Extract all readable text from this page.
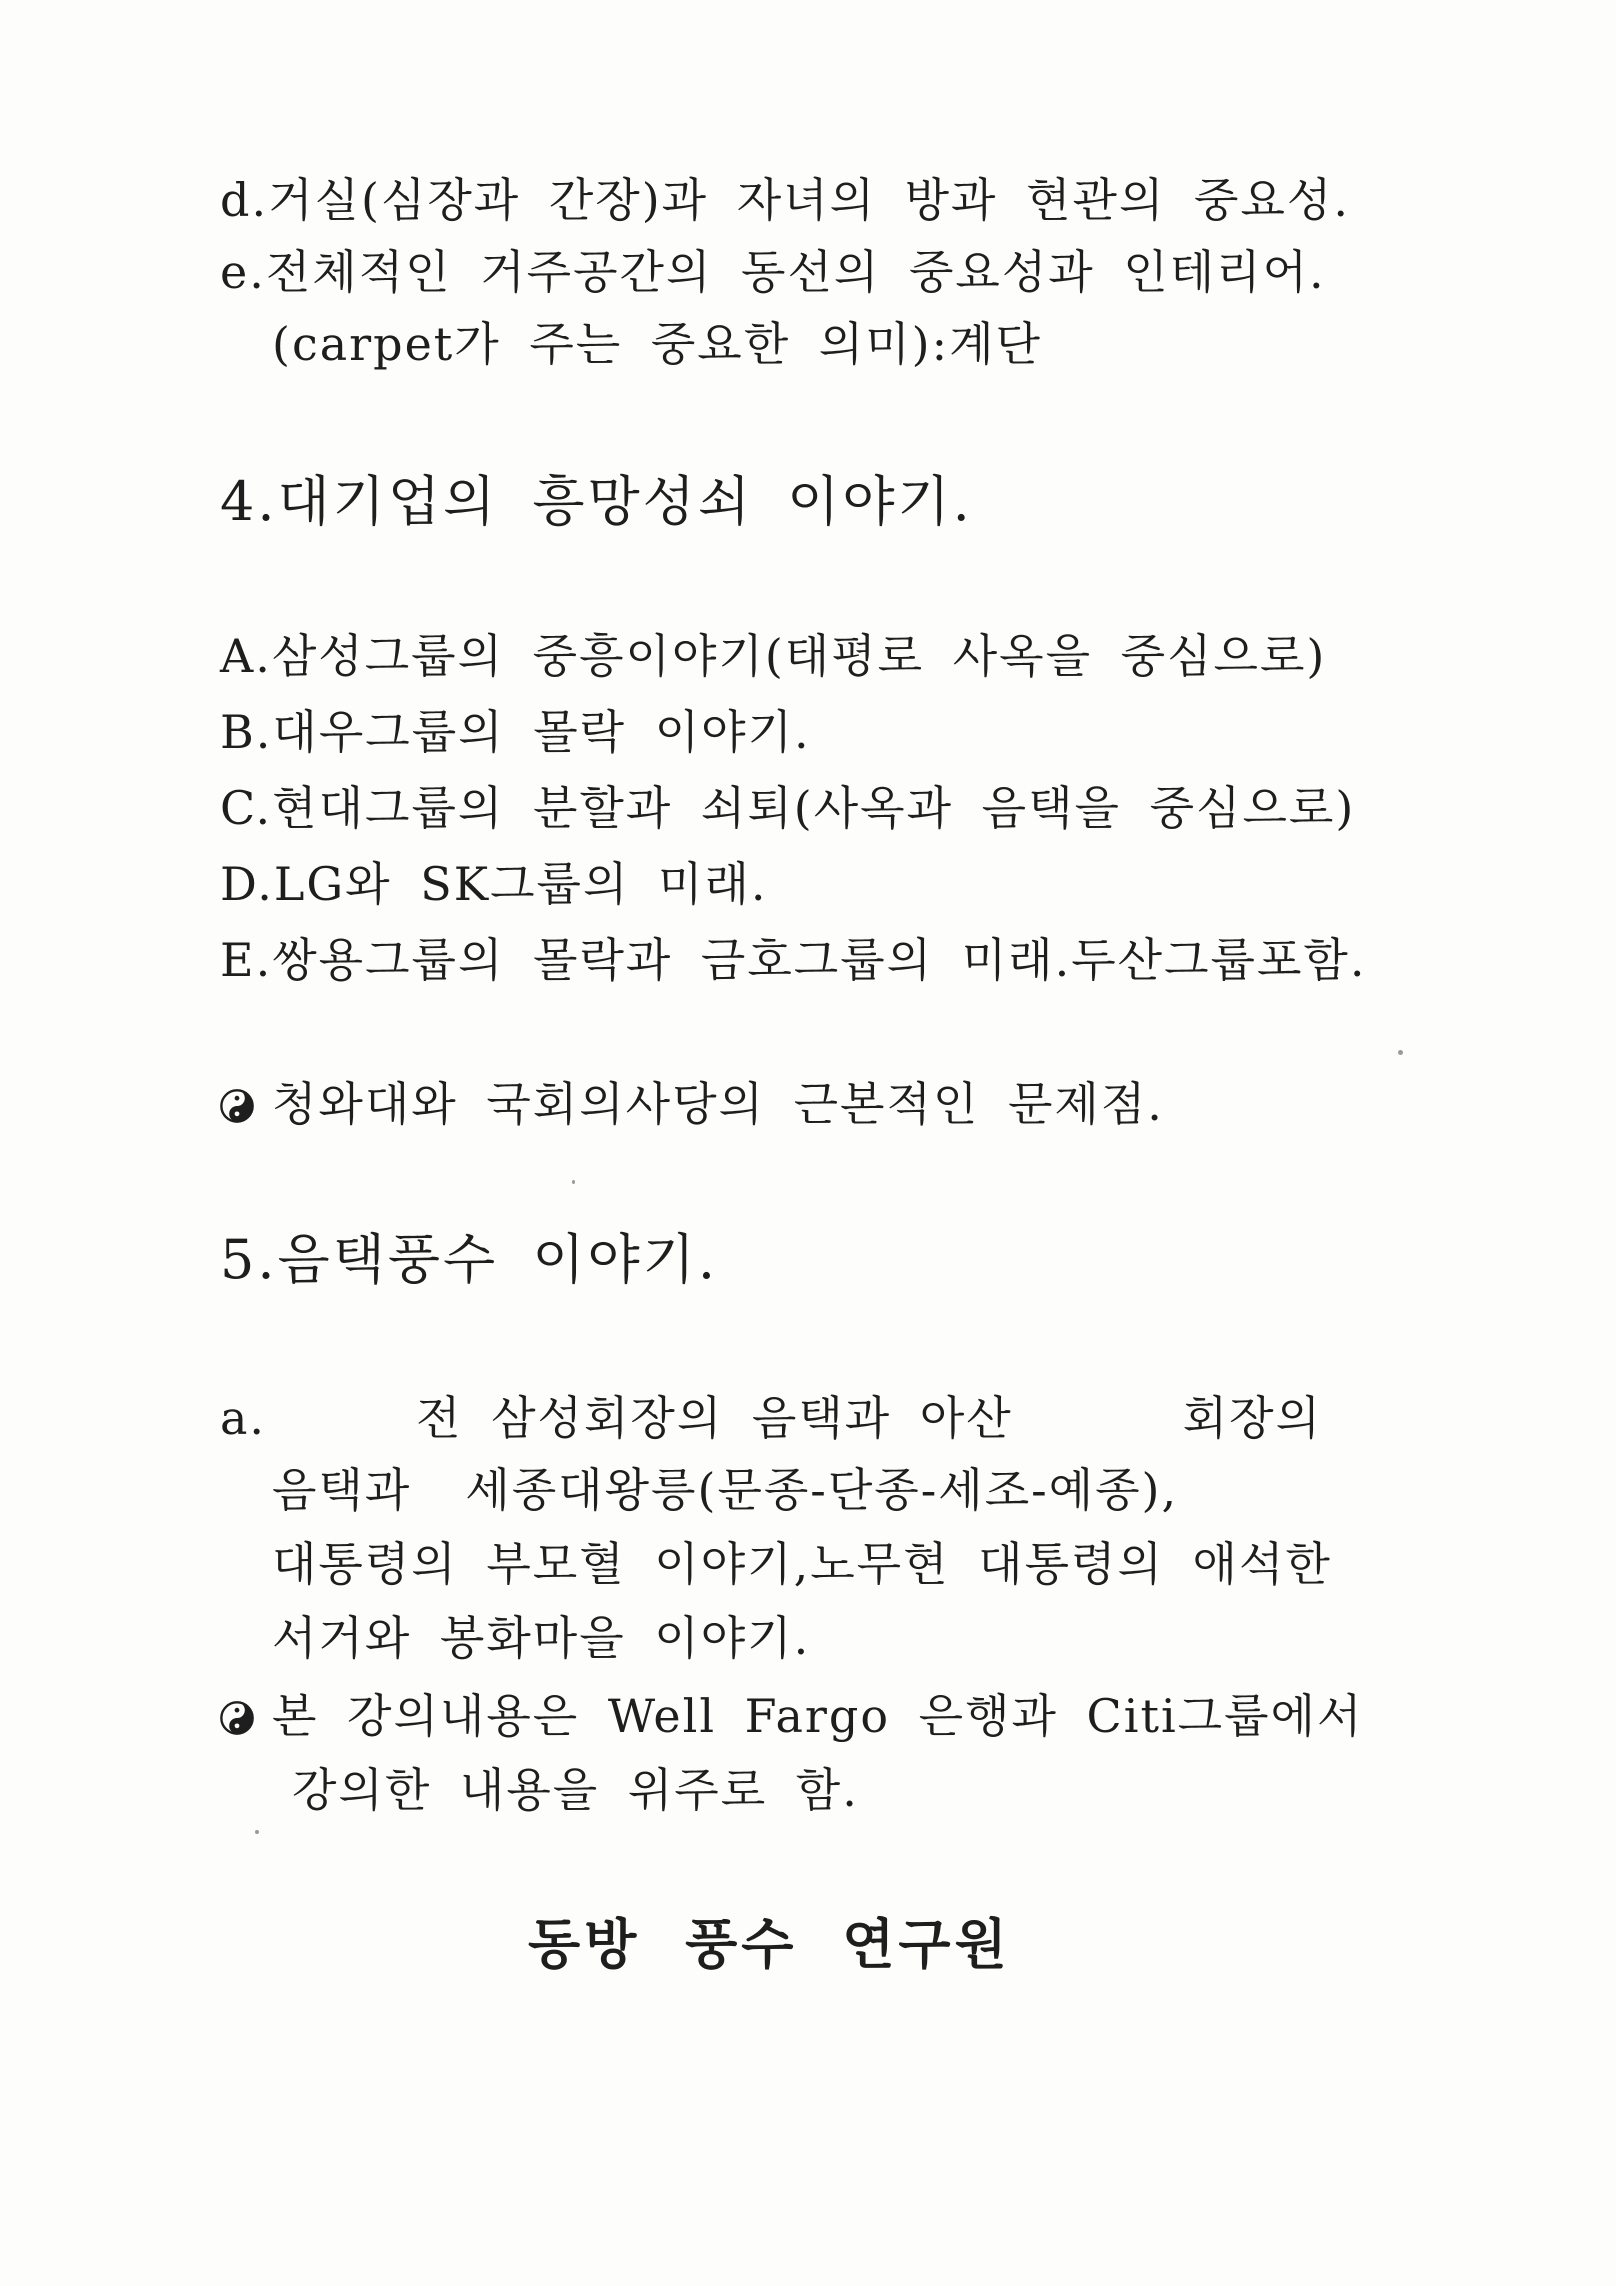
d.거실(심장과 간장)과 자녀의 방과 현관의 중요성.
e.전체적인 거주공간의 동선의 중요성과 인테리어.
(carpet가 주는 중요한 의미):계단
4.대기업의 흥망성쇠 이야기.
A.삼성그룹의 중흥이야기(태평로 사옥을 중심으로)
B.대우그룹의 몰락 이야기.
C.현대그룹의 분할과 쇠퇴(사옥과 음택을 중심으로)
D.LG와 SK그룹의 미래.
E.쌍용그룹의 몰락과 금호그룹의 미래.두산그룹포함.
청와대와 국회의사당의 근본적인 문제점.
5.음택풍수 이야기.
a.	전 삼성회장의 음택과 아산	회장의
음택과 세종대왕릉(문종-단종-세조-예종),
대통령의 부모혈 이야기,노무현 대통령의 애석한
서거와 봉화마을 이야기.
본 강의내용은 Well Fargo 은행과 Citi그룹에서
강의한 내용을 위주로 함.
동방 풍수 연구원
